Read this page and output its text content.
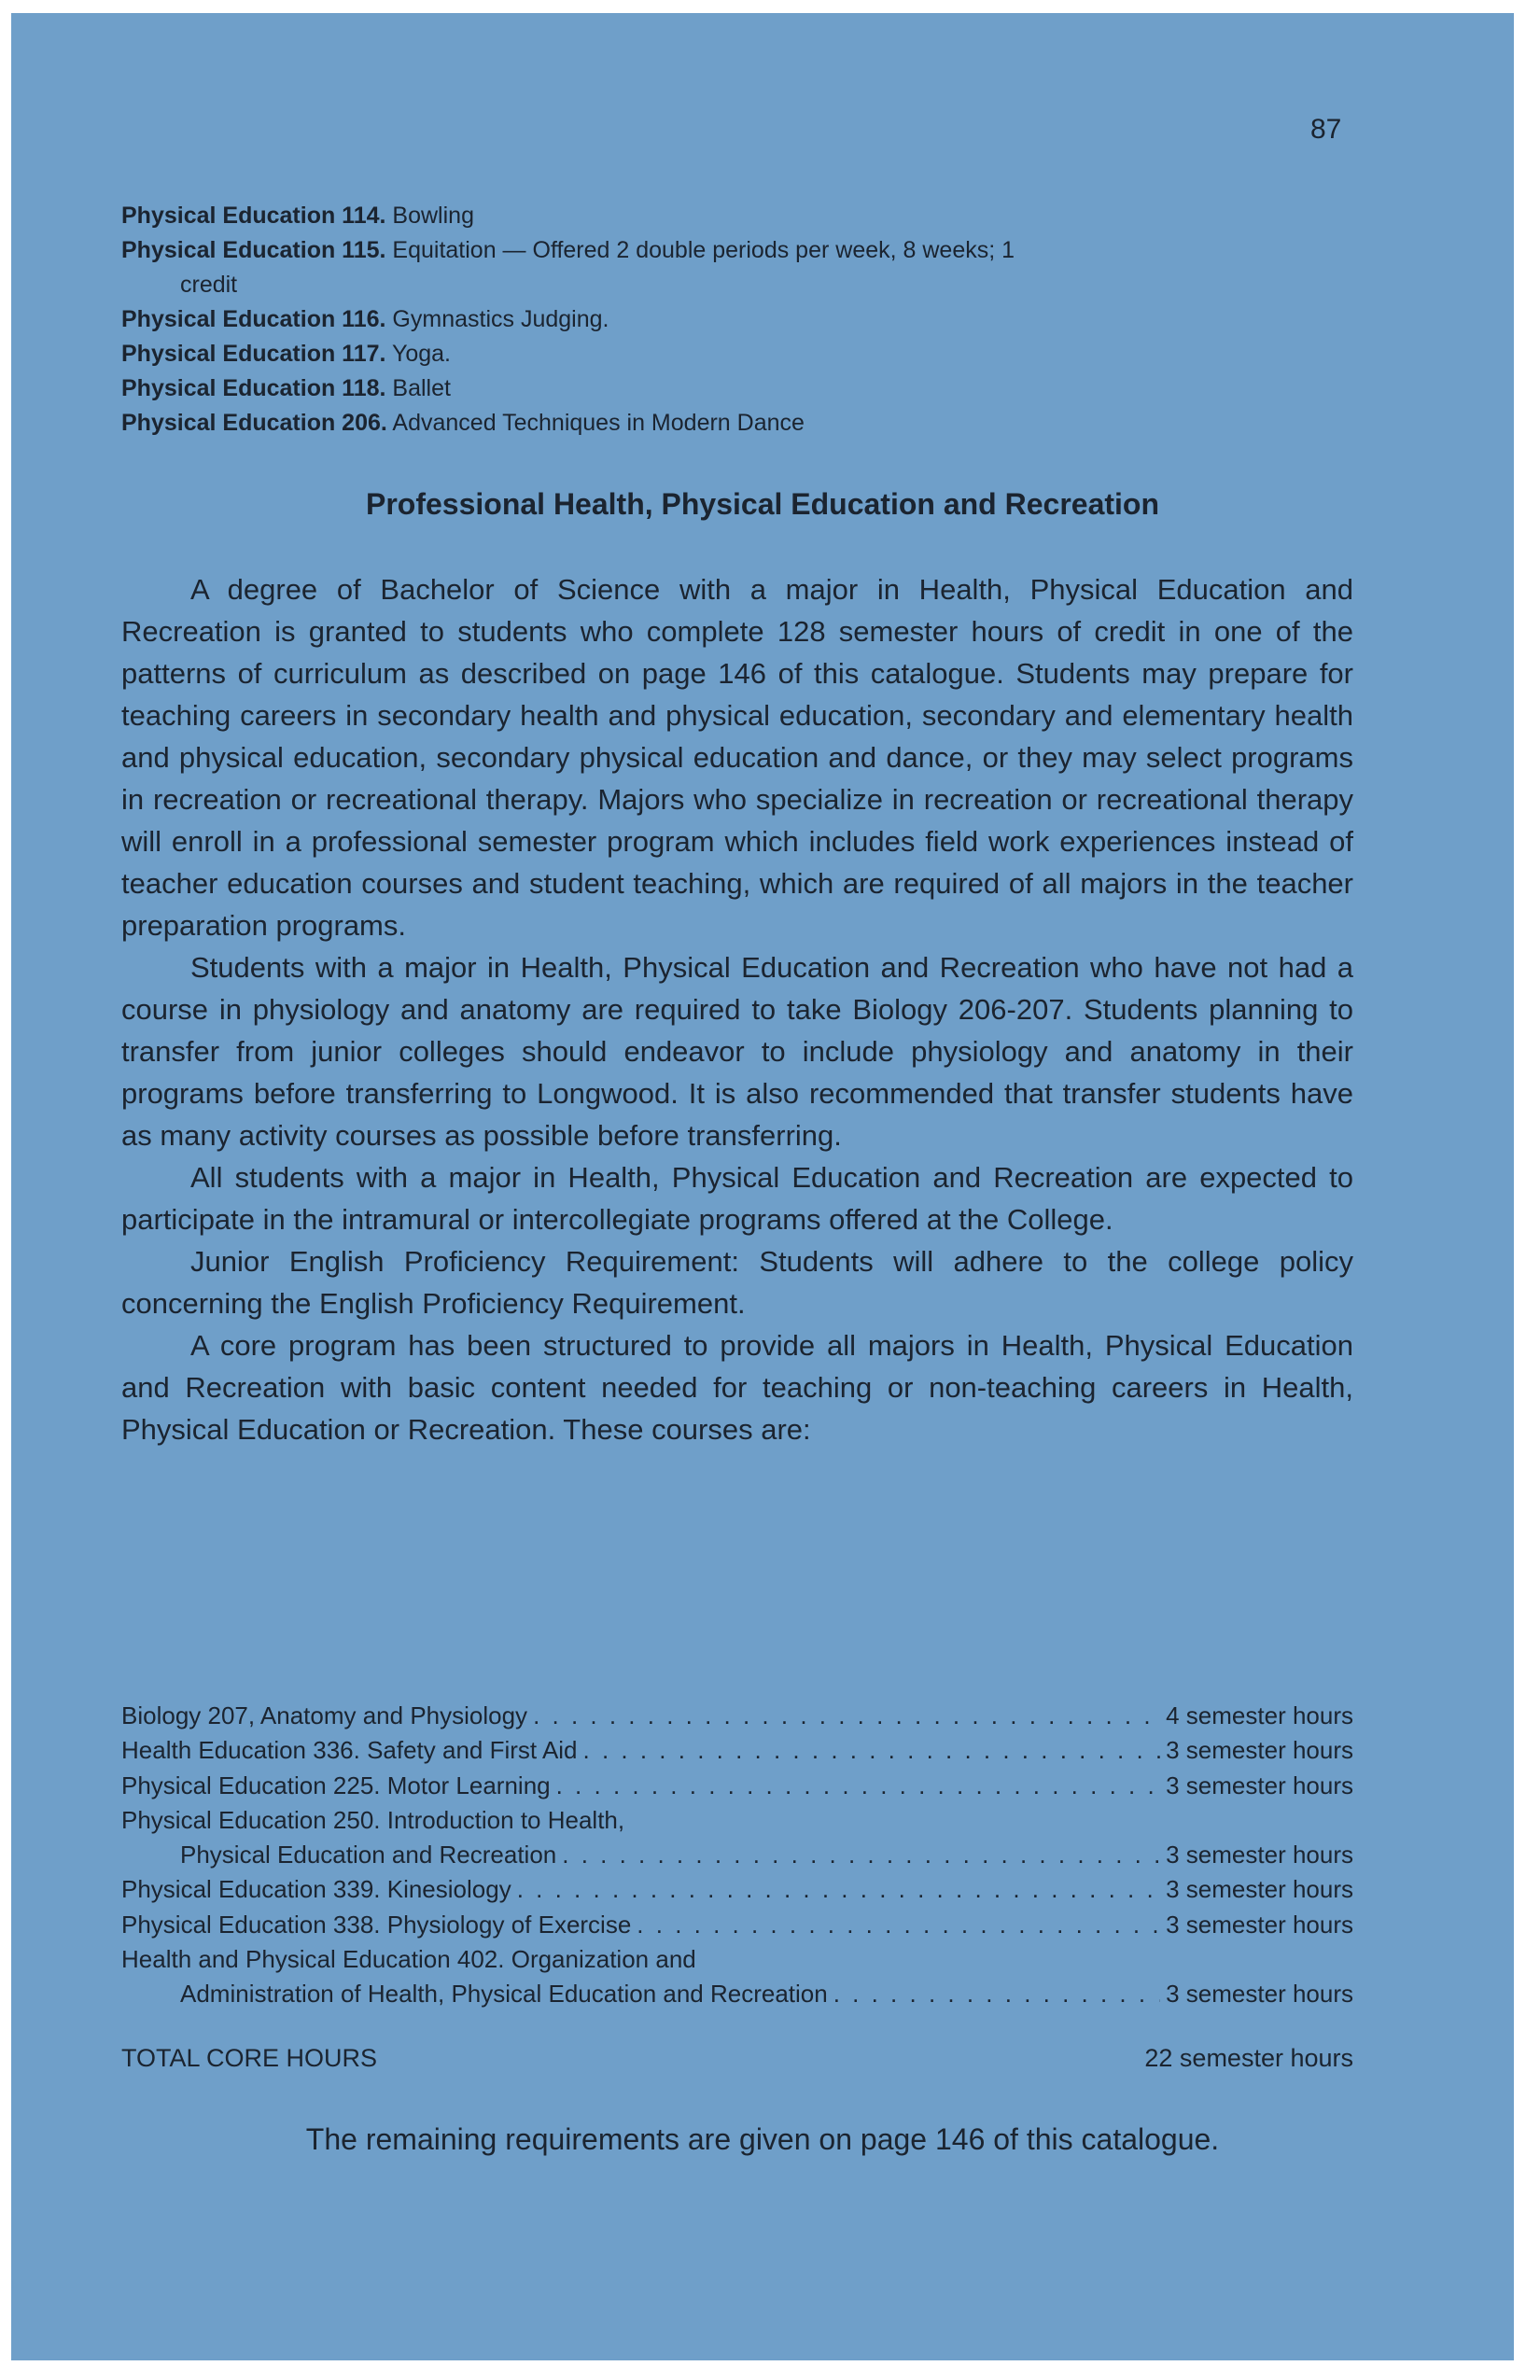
87
Physical Education 114. Bowling
Physical Education 115. Equitation — Offered 2 double periods per week, 8 weeks; 1
credit
Physical Education 116. Gymnastics Judging.
Physical Education 117. Yoga.
Physical Education 118. Ballet
Physical Education 206. Advanced Techniques in Modern Dance
Professional Health, Physical Education and Recreation

A degree of Bachelor of Science with a major in Health, Physical Education and Recreation is granted to students who complete 128 semester hours of credit in one of the patterns of curriculum as described on page 146 of this catalogue. Students may prepare for teaching careers in secondary health and physical education, secondary and elementary health and physical education, secondary physical education and dance, or they may select programs in recreation or recreational therapy. Majors who specialize in recreation or recreational therapy will enroll in a professional semester program which includes field work experiences instead of teacher education courses and student teaching, which are required of all majors in the teacher preparation programs.

Students with a major in Health, Physical Education and Recreation who have not had a course in physiology and anatomy are required to take Biology 206-207. Students planning to transfer from junior colleges should endeavor to include physiology and anatomy in their programs before transferring to Longwood. It is also recommended that transfer students have as many activity courses as possible before transferring.

All students with a major in Health, Physical Education and Recreation are expected to participate in the intramural or intercollegiate programs offered at the College.

Junior English Proficiency Requirement: Students will adhere to the college policy concerning the English Proficiency Requirement.

A core program has been structured to provide all majors in Health, Physical Education and Recreation with basic content needed for teaching or non-teaching careers in Health, Physical Education or Recreation. These courses are:

Biology 207, Anatomy and Physiology . . .	4 semester hours
Health Education 336. Safety and First Aid . . .	3 semester hours
Physical Education 225. Motor Learning . . .	3 semester hours
Physical Education 250. Introduction to Health,
Physical Education and Recreation . . .	3 semester hours
Physical Education 339. Kinesiology . . .	3 semester hours
Physical Education 338. Physiology of Exercise . . .	3 semester hours
Health and Physical Education 402. Organization and
Administration of Health, Physical Education and Recreation . . .	3 semester hours
TOTAL CORE HOURS	22 semester hours
The remaining requirements are given on page 146 of this catalogue.
